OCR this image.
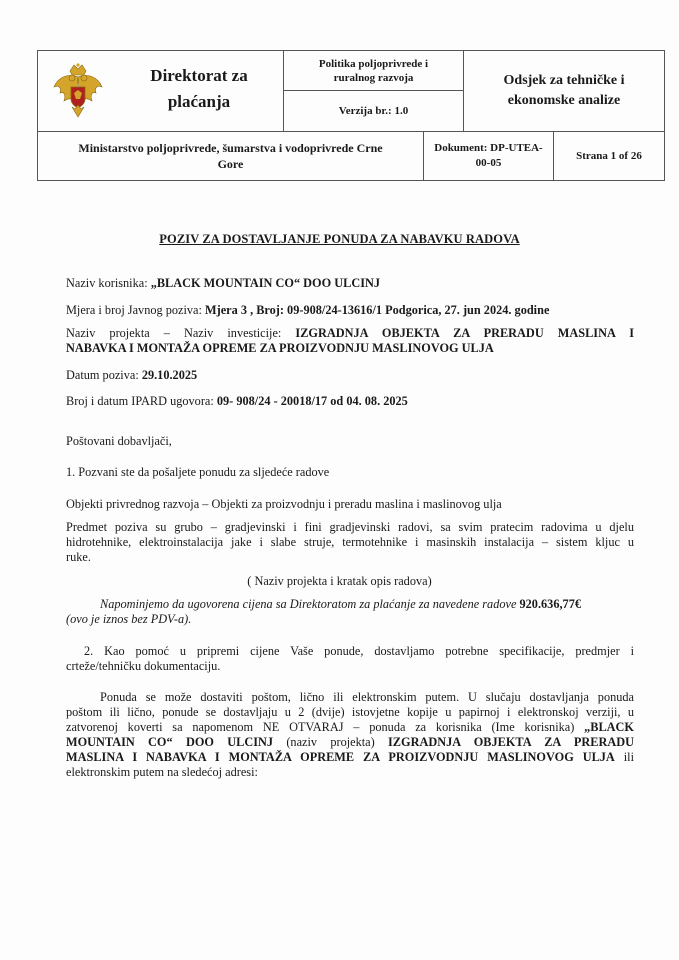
Direktorat za
plaćanja
Politika poljoprivrede i
ruralnog razvoja
Verzija br.: 1.0
Odsjek za tehničke i
ekonomske analize
Ministarstvo poljoprivrede, šumarstva i vodoprivrede Crne
Gore
Dokument: DP-UTEA-
00-05
Strana 1 of 26
POZIV ZA DOSTAVLJANJE PONUDA ZA NABAVKU RADOVA
Naziv korisnika: „BLACK MOUNTAIN CO“ DOO ULCINJ
Mjera i broj Javnog poziva: Mjera 3 , Broj: 09-908/24-13616/1 Podgorica, 27. jun 2024. godine
Naziv projekta – Naziv investicije: IZGRADNJA OBJEKTA ZA PRERADU MASLINA I
NABAVKA I MONTAŽA OPREME ZA PROIZVODNJU MASLINOVOG ULJA
Datum poziva: 29.10.2025
Broj i datum IPARD ugovora: 09- 908/24 - 20018/17 od 04. 08. 2025
Poštovani dobavljači,
1. Pozvani ste da pošaljete ponudu za sljedeće radove
Objekti privrednog razvoja – Objekti za proizvodnju i preradu maslina i maslinovog ulja
Predmet poziva su grubo – gradjevinski i fini gradjevinski radovi, sa svim pratecim radovima u djelu
hidrotehnike, elektroinstalacija jake i slabe struje, termotehnike i masinskih instalacija – sistem kljuc u
ruke.
( Naziv projekta i kratak opis radova)
Napominjemo da ugovorena cijena sa Direktoratom za plaćanje za navedene radove 920.636,77€
(ovo je iznos bez PDV-a).
2. Kao pomoć u pripremi cijene Vaše ponude, dostavljamo potrebne specifikacije, predmjer i
crteže/tehničku dokumentaciju.
Ponuda se može dostaviti poštom, lično ili elektronskim putem. U slučaju dostavljanja ponuda
poštom ili lično, ponude se dostavljaju u 2 (dvije) istovjetne kopije u papirnoj i elektronskoj verziji, u
zatvorenoj koverti sa napomenom NE OTVARAJ – ponuda za korisnika (Ime korisnika) „BLACK
MOUNTAIN CO“ DOO ULCINJ (naziv projekta) IZGRADNJA OBJEKTA ZA PRERADU
MASLINA I NABAVKA I MONTAŽA OPREME ZA PROIZVODNJU MASLINOVOG ULJA ili
elektronskim putem na sledećoj adresi:
